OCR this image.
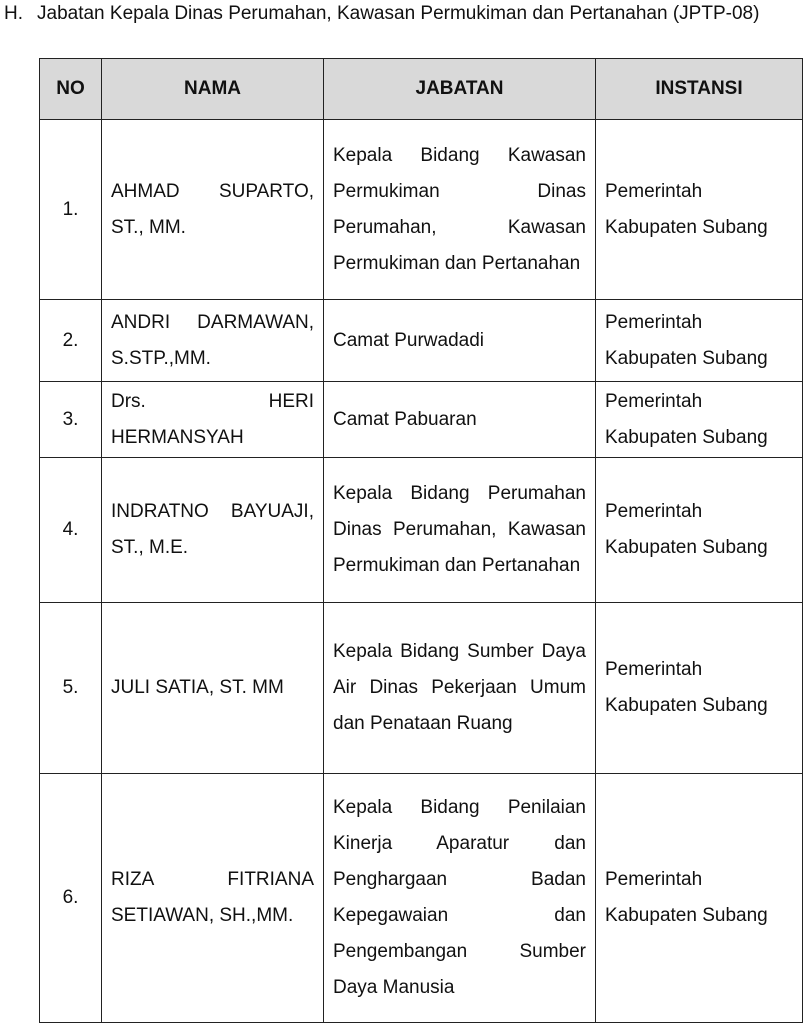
H. Jabatan Kepala Dinas Perumahan, Kawasan Permukiman dan Pertanahan (JPTP-08)
NO	NAMA	JABATAN	INSTANSI
1.	AHMAD SUPARTO, ST., MM.	Kepala Bidang Kawasan Permukiman Dinas Perumahan, Kawasan Permukiman dan Pertanahan	Pemerintah Kabupaten Subang
2.	ANDRI DARMAWAN, S.STP.,MM.	Camat Purwadadi	Pemerintah Kabupaten Subang
3.	Drs. HERI HERMANSYAH	Camat Pabuaran	Pemerintah Kabupaten Subang
4.	INDRATNO BAYUAJI, ST., M.E.	Kepala Bidang Perumahan Dinas Perumahan, Kawasan Permukiman dan Pertanahan	Pemerintah Kabupaten Subang
5.	JULI SATIA, ST. MM	Kepala Bidang Sumber Daya Air Dinas Pekerjaan Umum dan Penataan Ruang	Pemerintah Kabupaten Subang
6.	RIZA FITRIANA SETIAWAN, SH.,MM.	Kepala Bidang Penilaian Kinerja Aparatur dan Penghargaan Badan Kepegawaian dan Pengembangan Sumber Daya Manusia	Pemerintah Kabupaten Subang
